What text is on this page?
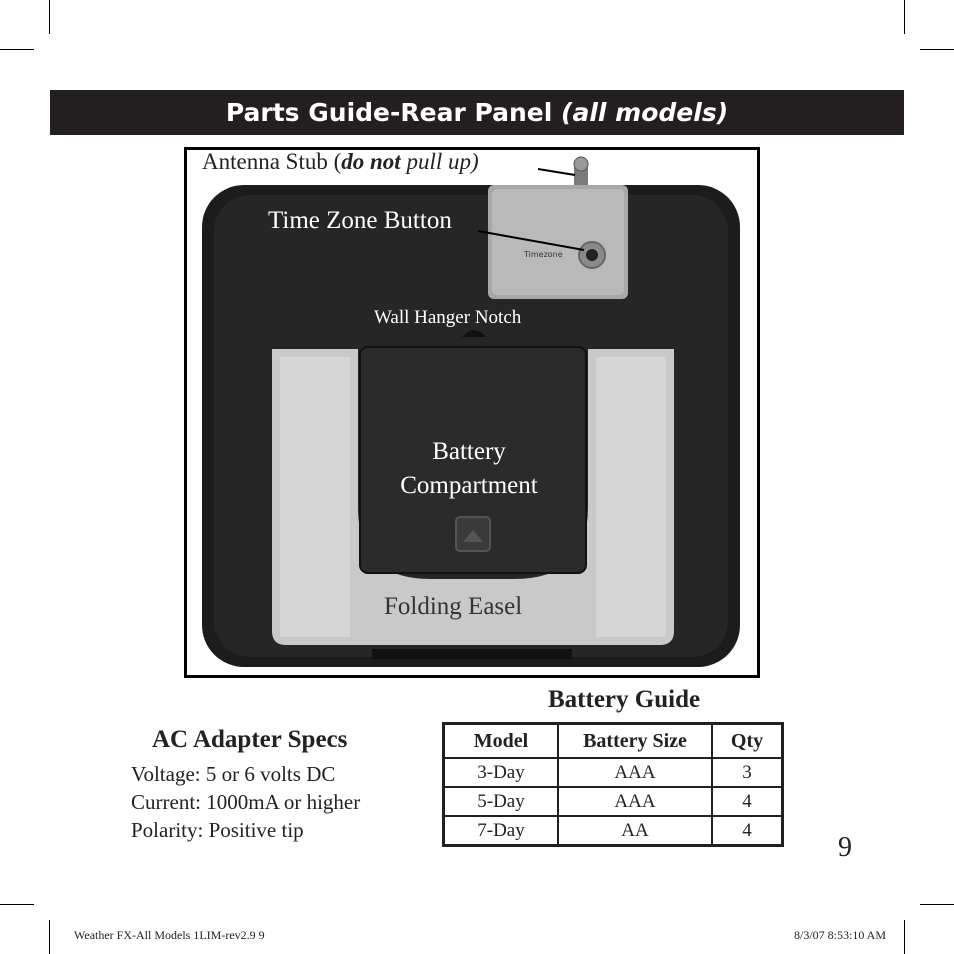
Parts Guide-Rear Panel (all models)
Antenna Stub (do not pull up)
Time Zone Button
Timezone
Wall Hanger Notch
Battery
Compartment
Folding Easel
Battery Guide
AC Adapter Specs
Voltage: 5 or 6 volts DC
Current: 1000mA or higher
Polarity: Positive tip
Model	Battery Size	Qty
3-Day	AAA	3
5-Day	AAA	4
7-Day	AA	4
9
Weather FX-All Models 1LIM-rev2.9 9	8/3/07 8:53:10 AM
